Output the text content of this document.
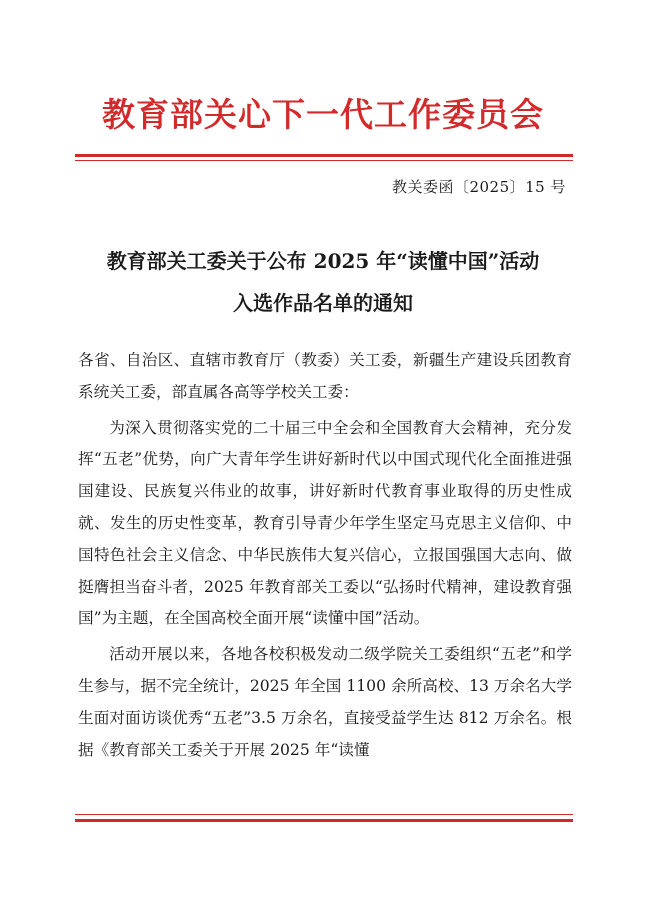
教育部关心下一代工作委员会
教关委函〔2025〕15 号
教育部关工委关于公布 2025 年“读懂中国”活动
入选作品名单的通知

各省、自治区、直辖市教育厅（教委）关工委，新疆生产建设兵团教育系统关工委，部直属各高等学校关工委：

为深入贯彻落实党的二十届三中全会和全国教育大会精神，充分发挥“五老”优势，向广大青年学生讲好新时代以中国式现代化全面推进强国建设、民族复兴伟业的故事，讲好新时代教育事业取得的历史性成就、发生的历史性变革，教育引导青少年学生坚定马克思主义信仰、中国特色社会主义信念、中华民族伟大复兴信心，立报国强国大志向、做挺膺担当奋斗者，2025 年教育部关工委以“弘扬时代精神，建设教育强国”为主题，在全国高校全面开展“读懂中国”活动。

活动开展以来，各地各校积极发动二级学院关工委组织“五老”和学生参与，据不完全统计，2025 年全国 1100 余所高校、13 万余名大学生面对面访谈优秀“五老”3.5 万余名，直接受益学生达 812 万余名。根据《教育部关工委关于开展 2025 年“读懂
